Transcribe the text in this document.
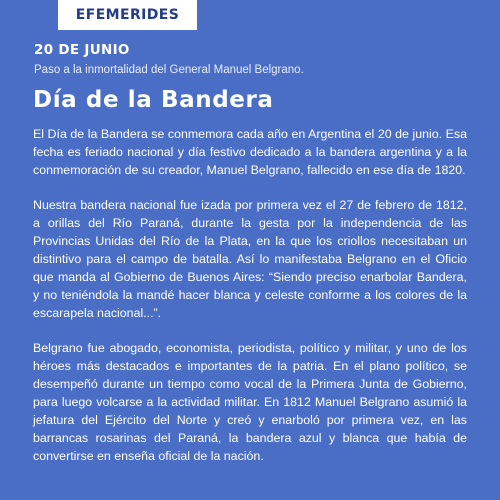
EFEMERIDES
20 DE JUNIO
Paso a la inmortalidad del General Manuel Belgrano.
Día de la Bandera

El Día de la Bandera se conmemora cada año en Argentina el 20 de junio. Esa fecha es feriado nacional y día festivo dedicado a la bandera argentina y a la conmemoración de su creador, Manuel Belgrano, fallecido en ese día de 1820.

Nuestra bandera nacional fue izada por primera vez el 27 de febrero de 1812, a orillas del Río Paraná, durante la gesta por la independencia de las Provincias Unidas del Río de la Plata, en la que los criollos necesitaban un distintivo para el campo de batalla. Así lo manifestaba Belgrano en el Oficio que manda al Gobierno de Buenos Aires: “Siendo preciso enarbolar Bandera, y no teniéndola la mandé hacer blanca y celeste conforme a los colores de la escarapela nacional...”.

Belgrano fue abogado, economista, periodista, político y militar, y uno de los héroes más destacados e importantes de la patria. En el plano político, se desempeñó durante un tiempo como vocal de la Primera Junta de Gobierno, para luego volcarse a la actividad militar. En 1812 Manuel Belgrano asumió la jefatura del Ejército del Norte y creó y enarboló por primera vez, en las barrancas rosarinas del Paraná, la bandera azul y blanca que había de convertirse en enseña oficial de la nación.
